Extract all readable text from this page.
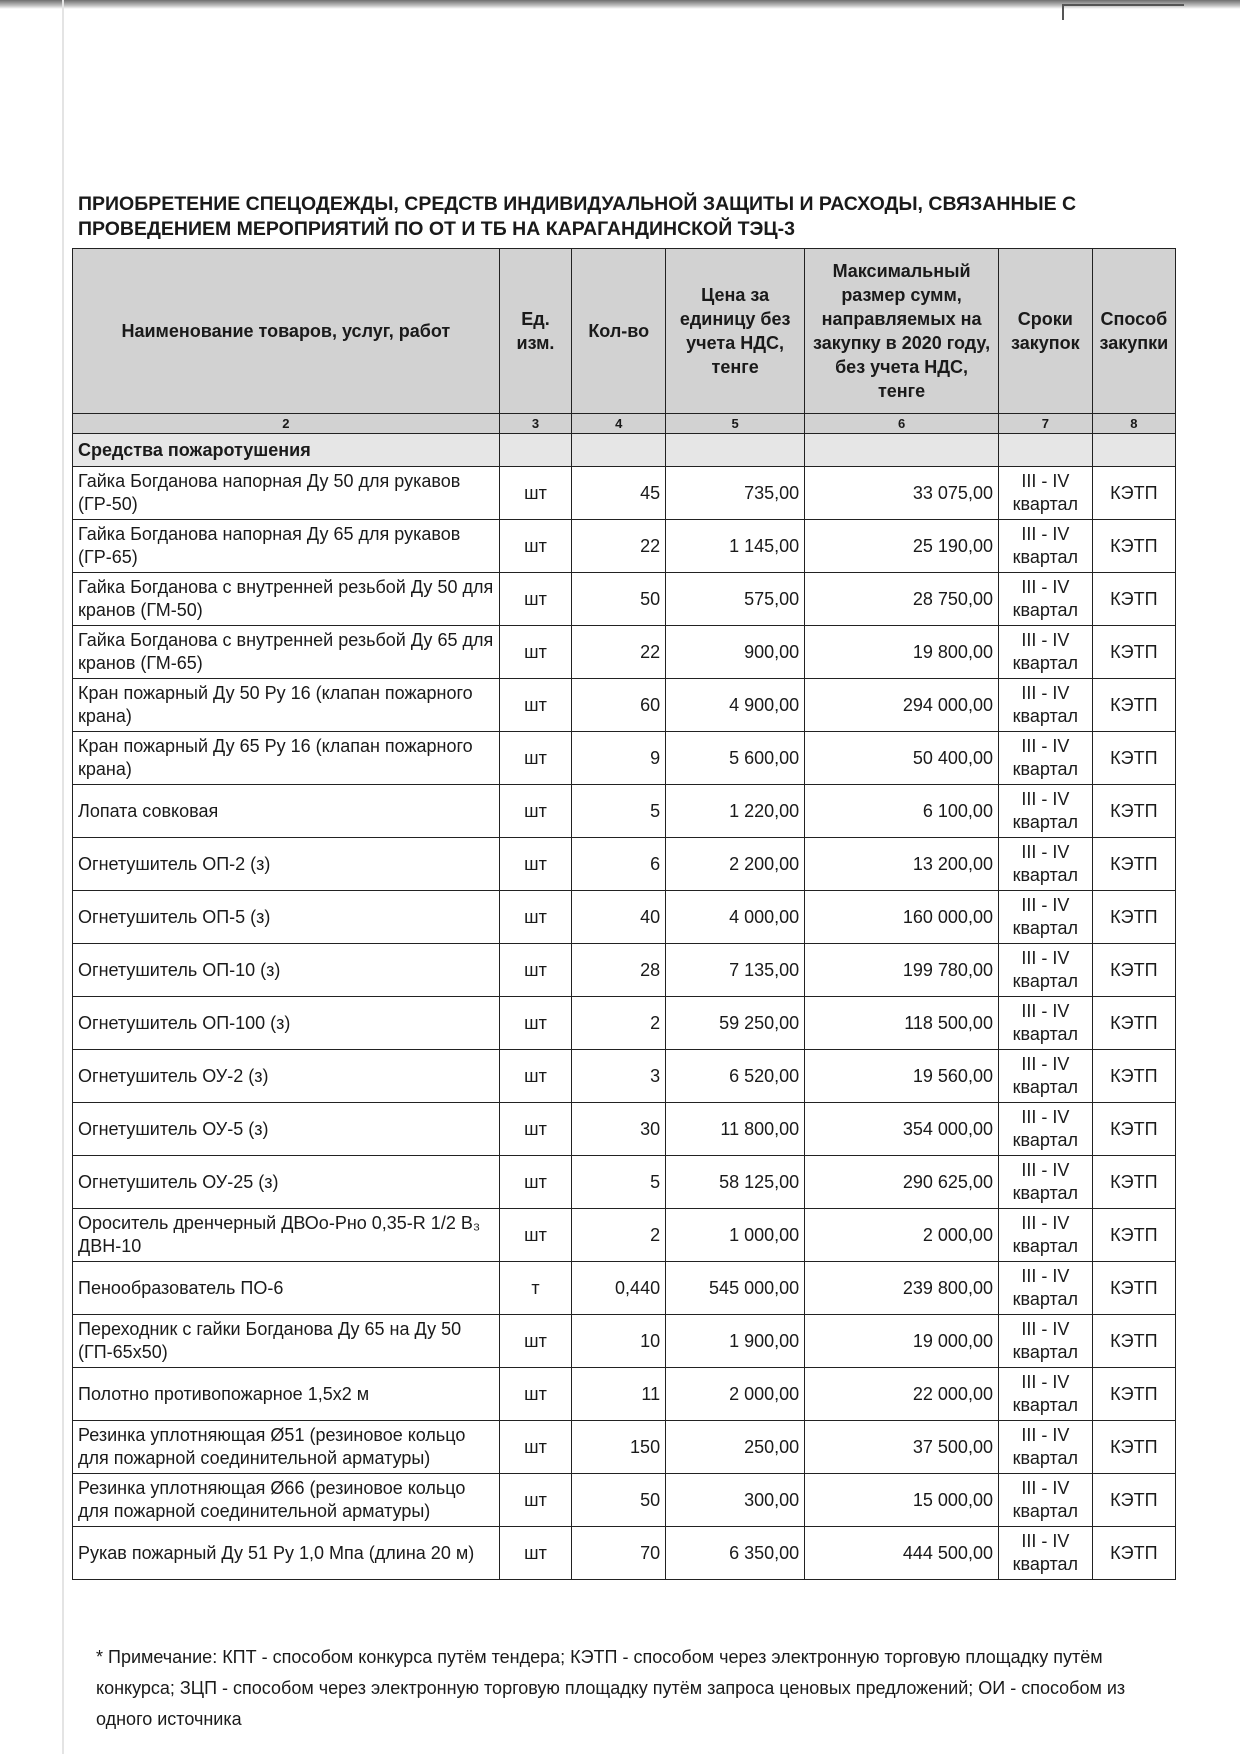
ПРИОБРЕТЕНИЕ СПЕЦОДЕЖДЫ, СРЕДСТВ ИНДИВИДУАЛЬНОЙ ЗАЩИТЫ И РАСХОДЫ, СВЯЗАННЫЕ С ПРОВЕДЕНИЕМ МЕРОПРИЯТИЙ ПО ОТ И ТБ НА КАРАГАНДИНСКОЙ ТЭЦ-3
Наименование товаров, услуг, работ	Ед. изм.	Кол-во	Цена за единицу без учета НДС, тенге	Максимальный размер сумм, направляемых на закупку в 2020 году, без учета НДС, тенге	Сроки закупок	Способ закупки
2	3	4	5	6	7	8
Средства пожаротушения						
Гайка Богданова напорная Ду 50 для рукавов (ГР-50)	шт	45	735,00	33 075,00	III - IV квартал	КЭТП
Гайка Богданова напорная Ду 65 для рукавов (ГР-65)	шт	22	1 145,00	25 190,00	III - IV квартал	КЭТП
Гайка Богданова с внутренней резьбой Ду 50 для кранов (ГМ-50)	шт	50	575,00	28 750,00	III - IV квартал	КЭТП
Гайка Богданова с внутренней резьбой Ду 65 для кранов (ГМ-65)	шт	22	900,00	19 800,00	III - IV квартал	КЭТП
Кран пожарный Ду 50 Ру 16 (клапан пожарного крана)	шт	60	4 900,00	294 000,00	III - IV квартал	КЭТП
Кран пожарный Ду 65 Ру 16 (клапан пожарного крана)	шт	9	5 600,00	50 400,00	III - IV квартал	КЭТП
Лопата совковая	шт	5	1 220,00	6 100,00	III - IV квартал	КЭТП
Огнетушитель ОП-2 (з)	шт	6	2 200,00	13 200,00	III - IV квартал	КЭТП
Огнетушитель ОП-5 (з)	шт	40	4 000,00	160 000,00	III - IV квартал	КЭТП
Огнетушитель ОП-10 (з)	шт	28	7 135,00	199 780,00	III - IV квартал	КЭТП
Огнетушитель ОП-100 (з)	шт	2	59 250,00	118 500,00	III - IV квартал	КЭТП
Огнетушитель ОУ-2 (з)	шт	3	6 520,00	19 560,00	III - IV квартал	КЭТП
Огнетушитель ОУ-5 (з)	шт	30	11 800,00	354 000,00	III - IV квартал	КЭТП
Огнетушитель ОУ-25 (з)	шт	5	58 125,00	290 625,00	III - IV квартал	КЭТП
Ороситель дренчерный ДВОо-Рно 0,35-R 1/2 В₃ ДВН-10	шт	2	1 000,00	2 000,00	III - IV квартал	КЭТП
Пенообразователь ПО-6	т	0,440	545 000,00	239 800,00	III - IV квартал	КЭТП
Переходник с гайки Богданова Ду 65 на Ду 50 (ГП-65х50)	шт	10	1 900,00	19 000,00	III - IV квартал	КЭТП
Полотно противопожарное 1,5х2 м	шт	11	2 000,00	22 000,00	III - IV квартал	КЭТП
Резинка уплотняющая Ø51 (резиновое кольцо для пожарной соединительной арматуры)	шт	150	250,00	37 500,00	III - IV квартал	КЭТП
Резинка уплотняющая Ø66 (резиновое кольцо для пожарной соединительной арматуры)	шт	50	300,00	15 000,00	III - IV квартал	КЭТП
Рукав пожарный Ду 51 Ру 1,0 Мпа (длина 20 м)	шт	70	6 350,00	444 500,00	III - IV квартал	КЭТП

* Примечание: КПТ - способом конкурса путём тендера; КЭТП - способом через электронную торговую площадку путём конкурса; ЗЦП - способом через электронную торговую площадку путём запроса ценовых предложений; ОИ - способом из одного источника
